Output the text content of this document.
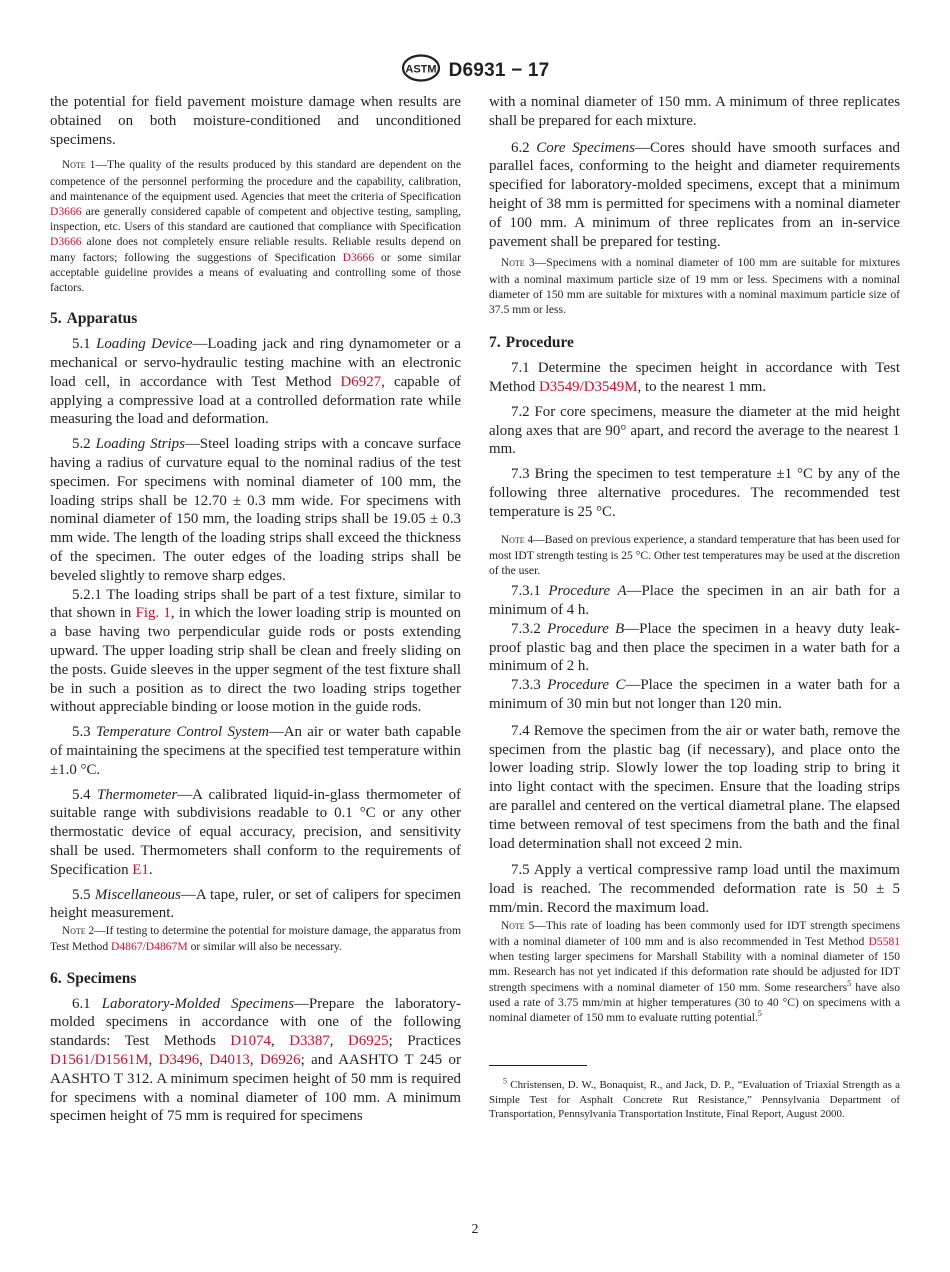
ASTM D6931 − 17

the potential for field pavement moisture damage when results are obtained on both moisture-conditioned and unconditioned specimens.

Note 1—The quality of the results produced by this standard are dependent on the competence of the personnel performing the procedure and the capability, calibration, and maintenance of the equipment used. Agencies that meet the criteria of Specification D3666 are generally considered capable of competent and objective testing, sampling, inspection, etc. Users of this standard are cautioned that compliance with Specification D3666 alone does not completely ensure reliable results. Reliable results depend on many factors; following the suggestions of Specification D3666 or some similar acceptable guideline provides a means of evaluating and controlling some of those factors.

5. Apparatus

5.1 Loading Device—Loading jack and ring dynamometer or a mechanical or servo-hydraulic testing machine with an electronic load cell, in accordance with Test Method D6927, capable of applying a compressive load at a controlled deformation rate while measuring the load and deformation.

5.2 Loading Strips—Steel loading strips with a concave surface having a radius of curvature equal to the nominal radius of the test specimen. For specimens with nominal diameter of 100 mm, the loading strips shall be 12.70 ± 0.3 mm wide. For specimens with nominal diameter of 150 mm, the loading strips shall be 19.05 ± 0.3 mm wide. The length of the loading strips shall exceed the thickness of the specimen. The outer edges of the loading strips shall be beveled slightly to remove sharp edges.

5.2.1 The loading strips shall be part of a test fixture, similar to that shown in Fig. 1, in which the lower loading strip is mounted on a base having two perpendicular guide rods or posts extending upward. The upper loading strip shall be clean and freely sliding on the posts. Guide sleeves in the upper segment of the test fixture shall be in such a position as to direct the two loading strips together without appreciable binding or loose motion in the guide rods.

5.3 Temperature Control System—An air or water bath capable of maintaining the specimens at the specified test temperature within ±1.0 °C.

5.4 Thermometer—A calibrated liquid-in-glass thermometer of suitable range with subdivisions readable to 0.1 °C or any other thermostatic device of equal accuracy, precision, and sensitivity shall be used. Thermometers shall conform to the requirements of Specification E1.

5.5 Miscellaneous—A tape, ruler, or set of calipers for specimen height measurement.

Note 2—If testing to determine the potential for moisture damage, the apparatus from Test Method D4867/D4867M or similar will also be necessary.

6. Specimens

6.1 Laboratory-Molded Specimens—Prepare the laboratory-molded specimens in accordance with one of the following standards: Test Methods D1074, D3387, D6925; Practices D1561/D1561M, D3496, D4013, D6926; and AASHTO T 245 or AASHTO T 312. A minimum specimen height of 50 mm is required for specimens with a nominal diameter of 100 mm. A minimum specimen height of 75 mm is required for specimens

with a nominal diameter of 150 mm. A minimum of three replicates shall be prepared for each mixture.

6.2 Core Specimens—Cores should have smooth surfaces and parallel faces, conforming to the height and diameter requirements specified for laboratory-molded specimens, except that a minimum height of 38 mm is permitted for specimens with a nominal diameter of 100 mm. A minimum of three replicates from an in-service pavement shall be prepared for testing.

Note 3—Specimens with a nominal diameter of 100 mm are suitable for mixtures with a nominal maximum particle size of 19 mm or less. Specimens with a nominal diameter of 150 mm are suitable for mixtures with a nominal maximum particle size of 37.5 mm or less.

7. Procedure

7.1 Determine the specimen height in accordance with Test Method D3549/D3549M, to the nearest 1 mm.

7.2 For core specimens, measure the diameter at the mid height along axes that are 90° apart, and record the average to the nearest 1 mm.

7.3 Bring the specimen to test temperature ±1 °C by any of the following three alternative procedures. The recommended test temperature is 25 °C.

Note 4—Based on previous experience, a standard temperature that has been used for most IDT strength testing is 25 °C. Other test temperatures may be used at the discretion of the user.

7.3.1 Procedure A—Place the specimen in an air bath for a minimum of 4 h.

7.3.2 Procedure B—Place the specimen in a heavy duty leak-proof plastic bag and then place the specimen in a water bath for a minimum of 2 h.

7.3.3 Procedure C—Place the specimen in a water bath for a minimum of 30 min but not longer than 120 min.

7.4 Remove the specimen from the air or water bath, remove the specimen from the plastic bag (if necessary), and place onto the lower loading strip. Slowly lower the top loading strip to bring it into light contact with the specimen. Ensure that the loading strips are parallel and centered on the vertical diametral plane. The elapsed time between removal of test specimens from the bath and the final load determination shall not exceed 2 min.

7.5 Apply a vertical compressive ramp load until the maximum load is reached. The recommended deformation rate is 50 ± 5 mm/min. Record the maximum load.

Note 5—This rate of loading has been commonly used for IDT strength specimens with a nominal diameter of 100 mm and is also recommended in Test Method D5581 when testing larger specimens for Marshall Stability with a nominal diameter of 150 mm. Research has not yet indicated if this deformation rate should be adjusted for IDT strength specimens with a nominal diameter of 150 mm. Some researchers$^5$ have also used a rate of 3.75 mm/min at higher temperatures (30 to 40 °C) on specimens with a nominal diameter of 150 mm to evaluate rutting potential.$^5$

$^5$ Christensen, D. W., Bonaquist, R., and Jack, D. P., “Evaluation of Triaxial Strength as a Simple Test for Asphalt Concrete Rut Resistance,” Pennsylvania Department of Transportation, Pennsylvania Transportation Institute, Final Report, August 2000.

2
